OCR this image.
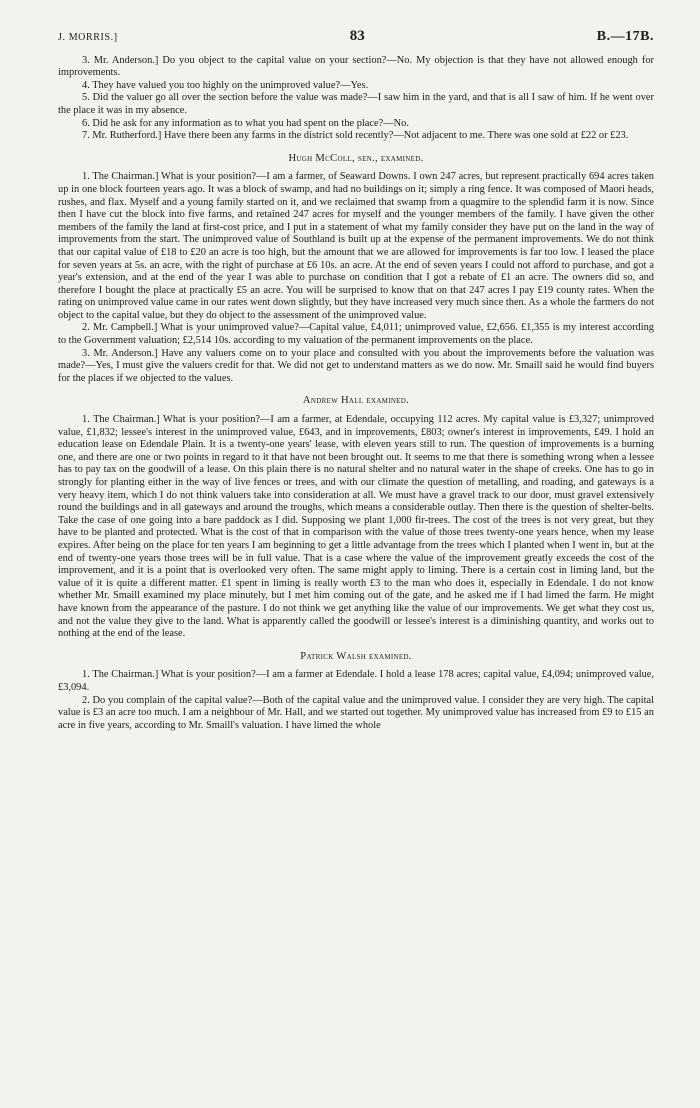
J. MORRIS.]	83	B.—17B.

3. Mr. Anderson.] Do you object to the capital value on your section?—No. My objection is that they have not allowed enough for improvements.

4. They have valued you too highly on the unimproved value?—Yes.

5. Did the valuer go all over the section before the value was made?—I saw him in the yard, and that is all I saw of him. If he went over the place it was in my absence.

6. Did he ask for any information as to what you had spent on the place?—No.

7. Mr. Rutherford.] Have there been any farms in the district sold recently?—Not adjacent to me. There was one sold at £22 or £23.

Hugh McColl, sen., examined.

1. The Chairman.] What is your position?—I am a farmer, of Seaward Downs. I own 247 acres, but represent practically 694 acres taken up in one block fourteen years ago. It was a block of swamp, and had no buildings on it; simply a ring fence. It was composed of Maori heads, rushes, and flax. Myself and a young family started on it, and we reclaimed that swamp from a quagmire to the splendid farm it is now. Since then I have cut the block into five farms, and retained 247 acres for myself and the younger members of the family. I have given the other members of the family the land at first-cost price, and I put in a statement of what my family consider they have put on the land in the way of improvements from the start. The unimproved value of Southland is built up at the expense of the permanent improvements. We do not think that our capital value of £18 to £20 an acre is too high, but the amount that we are allowed for improvements is far too low. I leased the place for seven years at 5s. an acre, with the right of purchase at £6 10s. an acre. At the end of seven years I could not afford to purchase, and got a year's extension, and at the end of the year I was able to purchase on condition that I got a rebate of £1 an acre. The owners did so, and therefore I bought the place at practically £5 an acre. You will be surprised to know that on that 247 acres I pay £19 county rates. When the rating on unimproved value came in our rates went down slightly, but they have increased very much since then. As a whole the farmers do not object to the capital value, but they do object to the assessment of the unimproved value.

2. Mr. Campbell.] What is your unimproved value?—Capital value, £4,011; unimproved value, £2,656. £1,355 is my interest according to the Government valuation; £2,514 10s. according to my valuation of the permanent improvements on the place.

3. Mr. Anderson.] Have any valuers come on to your place and consulted with you about the improvements before the valuation was made?—Yes, I must give the valuers credit for that. We did not get to understand matters as we do now. Mr. Smaill said he would find buyers for the places if we objected to the values.

Andrew Hall examined.

1. The Chairman.] What is your position?—I am a farmer, at Edendale, occupying 112 acres. My capital value is £3,327; unimproved value, £1,832; lessee's interest in the unimproved value, £643, and in improvements, £803; owner's interest in improvements, £49. I hold an education lease on Edendale Plain. It is a twenty-one years' lease, with eleven years still to run. The question of improvements is a burning one, and there are one or two points in regard to it that have not been brought out. It seems to me that there is something wrong when a lessee has to pay tax on the goodwill of a lease. On this plain there is no natural shelter and no natural water in the shape of creeks. One has to go in strongly for planting either in the way of live fences or trees, and with our climate the question of metalling, and roading, and gateways is a very heavy item, which I do not think valuers take into consideration at all. We must have a gravel track to our door, must gravel extensively round the buildings and in all gateways and around the troughs, which means a considerable outlay. Then there is the question of shelter-belts. Take the case of one going into a bare paddock as I did. Supposing we plant 1,000 fir-trees. The cost of the trees is not very great, but they have to be planted and protected. What is the cost of that in comparison with the value of those trees twenty-one years hence, when my lease expires. After being on the place for ten years I am beginning to get a little advantage from the trees which I planted when I went in, but at the end of twenty-one years those trees will be in full value. That is a case where the value of the improvement greatly exceeds the cost of the improvement, and it is a point that is overlooked very often. The same might apply to liming. There is a certain cost in liming land, but the value of it is quite a different matter. £1 spent in liming is really worth £3 to the man who does it, especially in Edendale. I do not know whether Mr. Smaill examined my place minutely, but I met him coming out of the gate, and he asked me if I had limed the farm. He might have known from the appearance of the pasture. I do not think we get anything like the value of our improvements. We get what they cost us, and not the value they give to the land. What is apparently called the goodwill or lessee's interest is a diminishing quantity, and works out to nothing at the end of the lease.

Patrick Walsh examined.

1. The Chairman.] What is your position?—I am a farmer at Edendale. I hold a lease 178 acres; capital value, £4,094; unimproved value, £3,094.

2. Do you complain of the capital value?—Both of the capital value and the unimproved value. I consider they are very high. The capital value is £3 an acre too much. I am a neighbour of Mr. Hall, and we started out together. My unimproved value has increased from £9 to £15 an acre in five years, according to Mr. Smaill's valuation. I have limed the whole
